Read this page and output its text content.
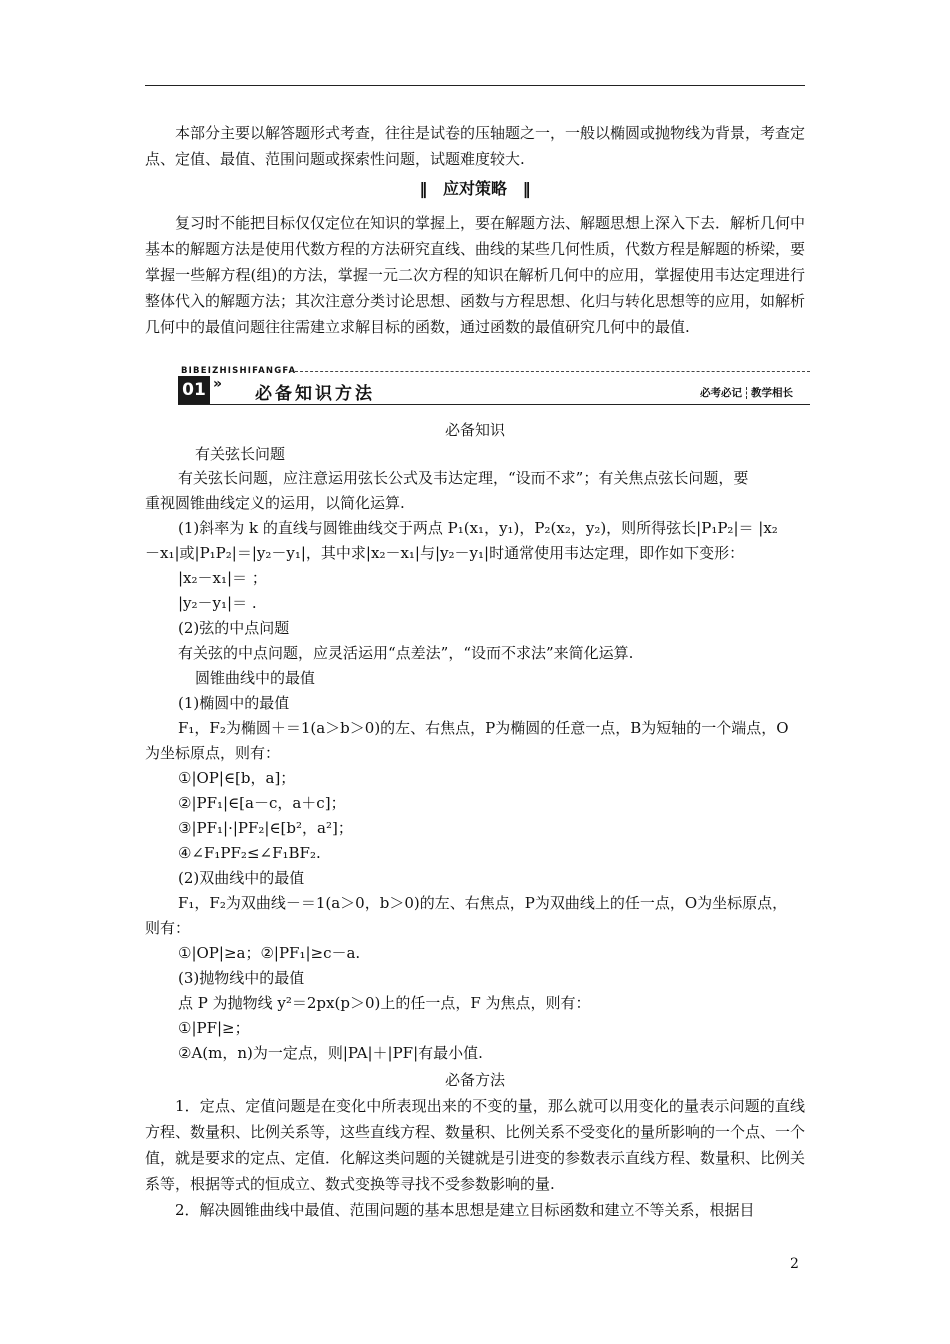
本部分主要以解答题形式考查，往往是试卷的压轴题之一，一般以椭圆或抛物线为背景，考查定点、定值、最值、范围问题或探索性问题，试题难度较大.

‖ 应对策略 ‖

复习时不能把目标仅仅定位在知识的掌握上，要在解题方法、解题思想上深入下去．解析几何中基本的解题方法是使用代数方程的方法研究直线、曲线的某些几何性质，代数方程是解题的桥梁，要掌握一些解方程(组)的方法，掌握一元二次方程的知识在解析几何中的应用，掌握使用韦达定理进行整体代入的解题方法；其次注意分类讨论思想、函数与方程思想、化归与转化思想等的应用，如解析几何中的最值问题往往需建立求解目标的函数，通过函数的最值研究几何中的最值.

BIBEIZHISHIFANGFA
01 » 必备知识方法	必考必记 教学相长

必备知识

有关弦长问题

有关弦长问题，应注意运用弦长公式及韦达定理，“设而不求”；有关焦点弦长问题，要

重视圆锥曲线定义的运用，以简化运算.

(1)斜率为 k 的直线与圆锥曲线交于两点 P₁(x₁，y₁)，P₂(x₂，y₂)，则所得弦长|P₁P₂|＝ |x₂

－x₁|或|P₁P₂|＝|y₂－y₁|，其中求|x₂－x₁|与|y₂－y₁|时通常使用韦达定理，即作如下变形：

|x₂－x₁|＝ ；

|y₂－y₁|＝ .

(2)弦的中点问题

有关弦的中点问题，应灵活运用“点差法”，“设而不求法”来简化运算.

圆锥曲线中的最值

(1)椭圆中的最值

F₁，F₂为椭圆＋＝1(a＞b＞0)的左、右焦点，P为椭圆的任意一点，B为短轴的一个端点，O

为坐标原点，则有：

①|OP|∈[b，a]；

②|PF₁|∈[a－c，a＋c]；

③|PF₁|·|PF₂|∈[b²，a²]；

④∠F₁PF₂≤∠F₁BF₂.

(2)双曲线中的最值

F₁，F₂为双曲线－＝1(a＞0，b＞0)的左、右焦点，P为双曲线上的任一点，O为坐标原点，

则有：

①|OP|≥a；②|PF₁|≥c－a.

(3)抛物线中的最值

点 P 为抛物线 y²＝2px(p＞0)上的任一点，F 为焦点，则有：

①|PF|≥；

②A(m，n)为一定点，则|PA|＋|PF|有最小值.

必备方法

1．定点、定值问题是在变化中所表现出来的不变的量，那么就可以用变化的量表示问题的直线方程、数量积、比例关系等，这些直线方程、数量积、比例关系不受变化的量所影响的一个点、一个值，就是要求的定点、定值．化解这类问题的关键就是引进变的参数表示直线方程、数量积、比例关系等，根据等式的恒成立、数式变换等寻找不受参数影响的量.

2．解决圆锥曲线中最值、范围问题的基本思想是建立目标函数和建立不等关系，根据目

2
